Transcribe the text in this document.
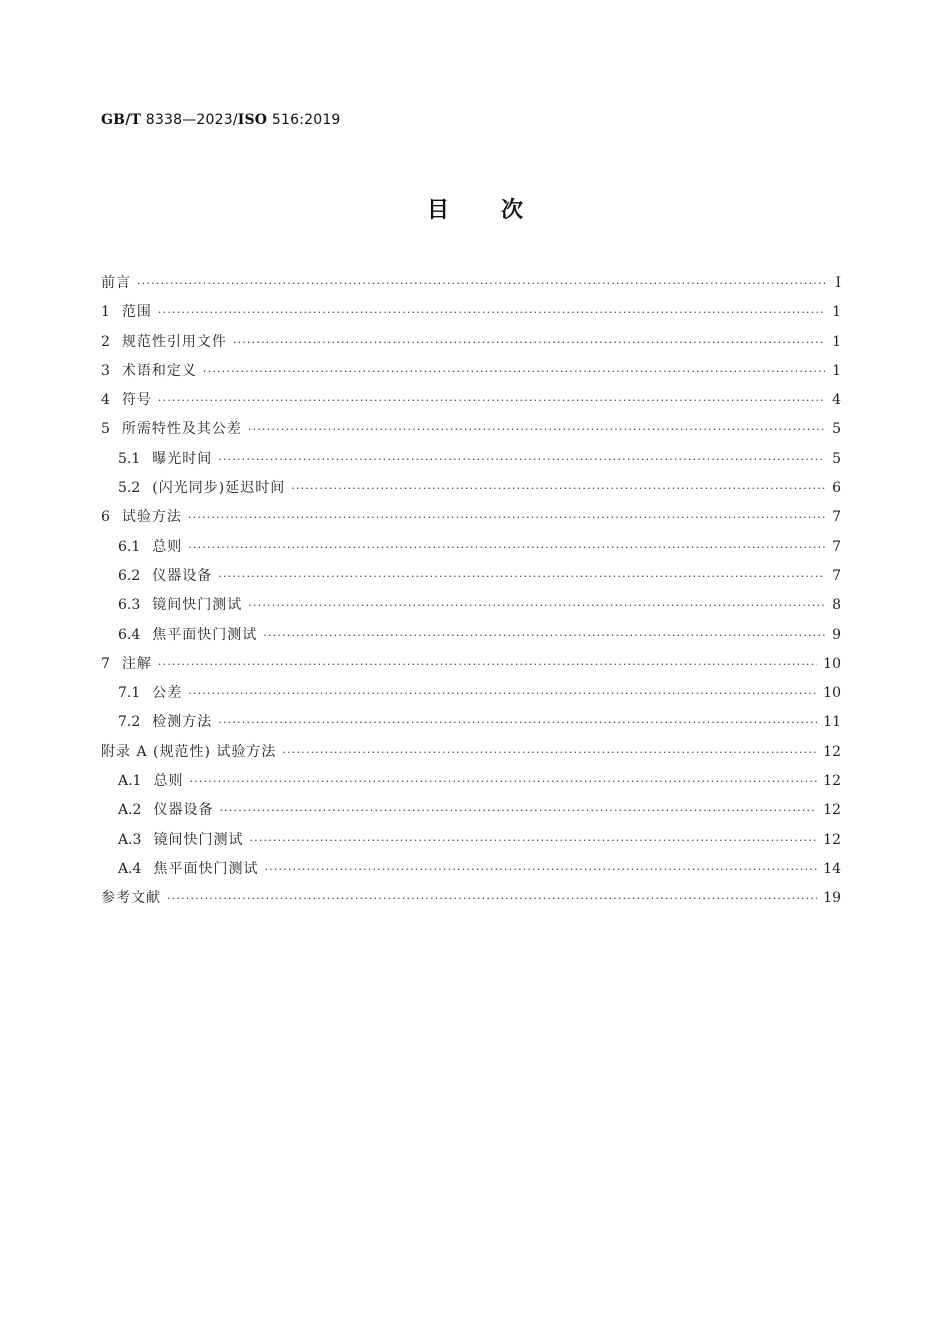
GB/T 8338—2023/ISO 516:2019
目次
前言 ·····	I
1 范围 ·····	1
2 规范性引用文件 ·····	1
3 术语和定义 ·····	1
4 符号 ·····	4
5 所需特性及其公差 ·····	5
5.1 曝光时间 ·····	5
5.2 (闪光同步)延迟时间 ·····	6
6 试验方法 ·····	7
6.1 总则 ·····	7
6.2 仪器设备 ·····	7
6.3 镜间快门测试 ·····	8
6.4 焦平面快门测试 ·····	9
7 注解 ·····	10
7.1 公差 ·····	10
7.2 检测方法 ·····	11
附录 A (规范性) 试验方法 ·····	12
A.1 总则 ·····	12
A.2 仪器设备 ·····	12
A.3 镜间快门测试 ·····	12
A.4 焦平面快门测试 ·····	14
参考文献 ·····	19
